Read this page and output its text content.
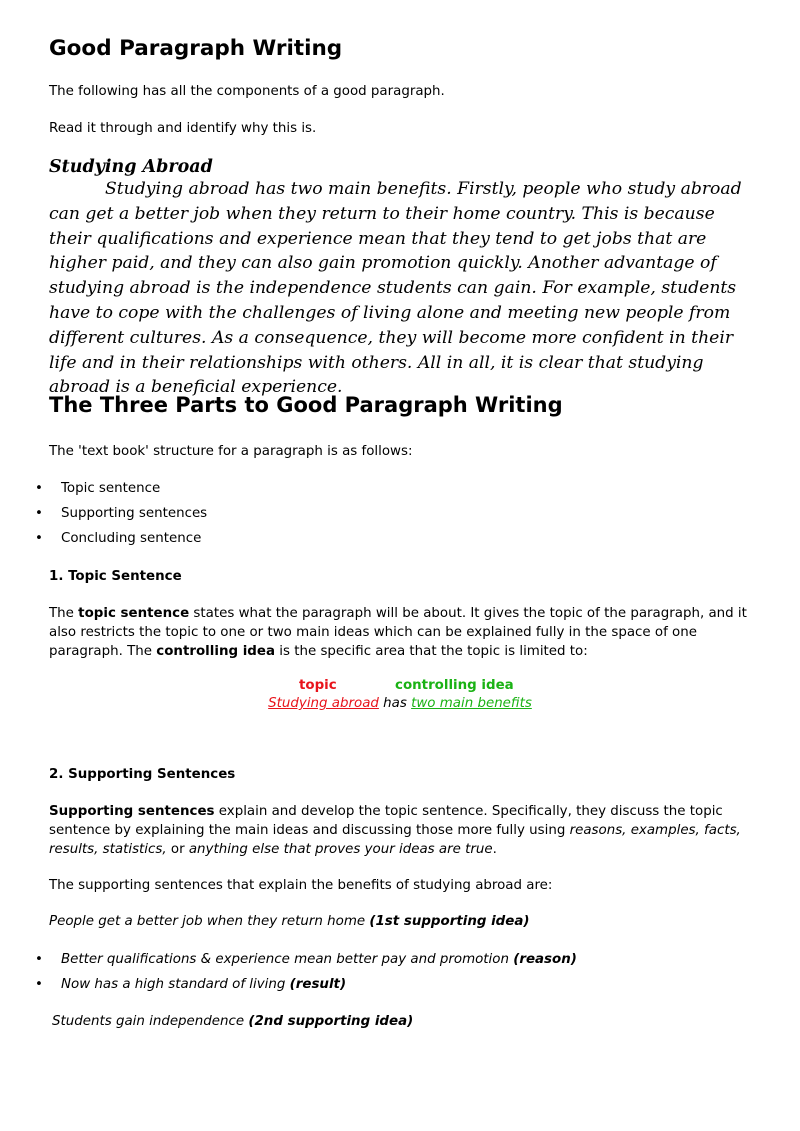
Good Paragraph Writing

The following has all the components of a good paragraph.

Read it through and identify why this is.

Studying Abroad

Studying abroad has two main benefits. Firstly, people who study abroad can get a better job when they return to their home country. This is because their qualifications and experience mean that they tend to get jobs that are higher paid, and they can also gain promotion quickly. Another advantage of studying abroad is the independence students can gain. For example, students have to cope with the challenges of living alone and meeting new people from different cultures. As a consequence, they will become more confident in their life and in their relationships with others. All in all, it is clear that studying abroad is a beneficial experience.

The Three Parts to Good Paragraph Writing

The 'text book' structure for a paragraph is as follows:

• Topic sentence
• Supporting sentences
• Concluding sentence
1. Topic Sentence

The topic sentence states what the paragraph will be about. It gives the topic of the paragraph, and it also restricts the topic to one or two main ideas which can be explained fully in the space of one paragraph. The controlling idea is the specific area that the topic is limited to:

topic	controlling idea
Studying abroad has two main benefits
2. Supporting Sentences

Supporting sentences explain and develop the topic sentence. Specifically, they discuss the topic sentence by explaining the main ideas and discussing those more fully using reasons, examples, facts, results, statistics, or anything else that proves your ideas are true.

The supporting sentences that explain the benefits of studying abroad are:

People get a better job when they return home (1st supporting idea)

• Better qualifications & experience mean better pay and promotion (reason)
• Now has a high standard of living (result)

Students gain independence (2nd supporting idea)
